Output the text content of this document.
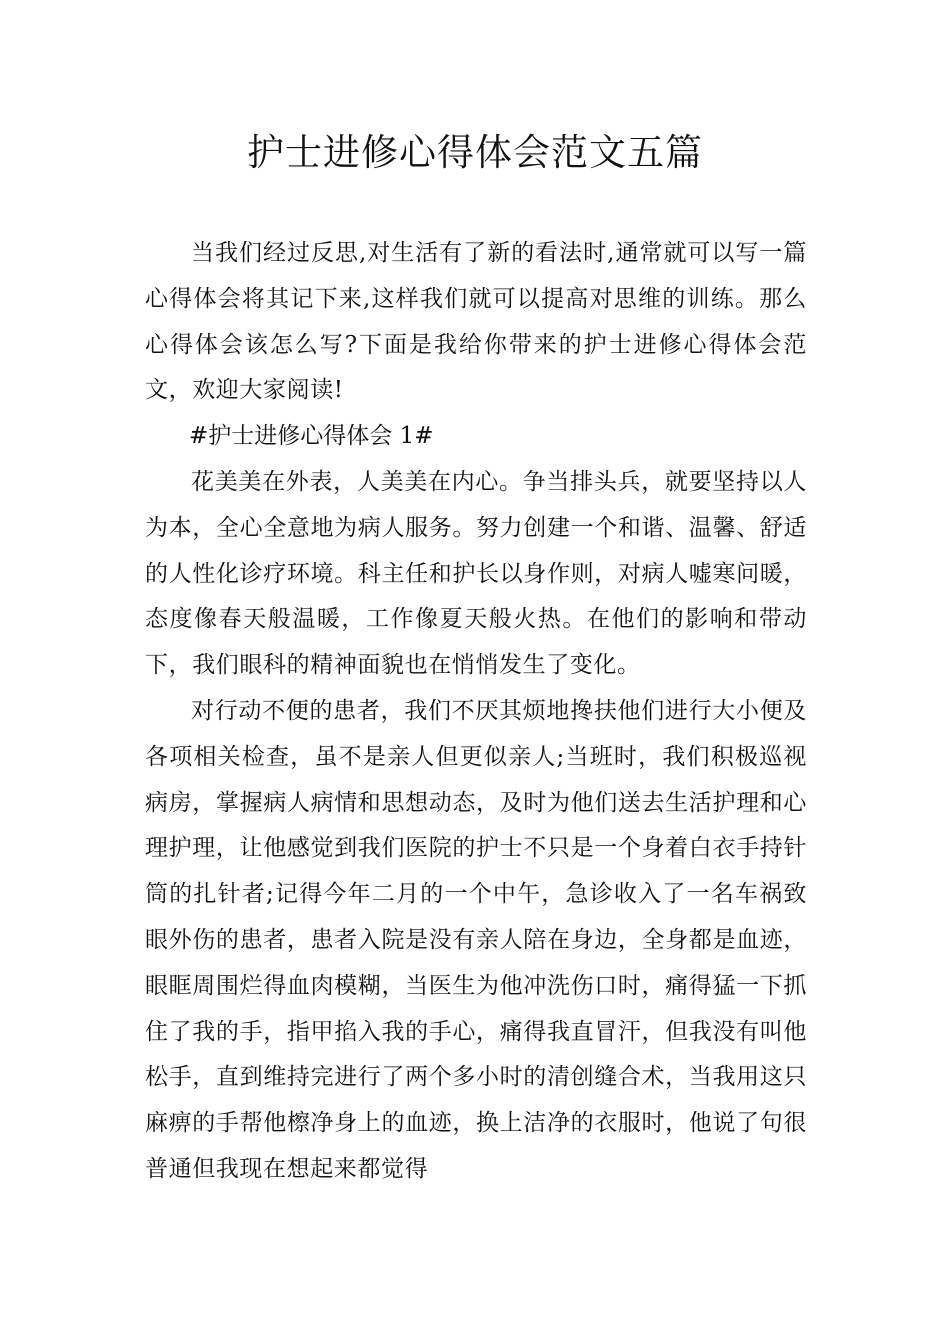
护士进修心得体会范文五篇

当我们经过反思,对生活有了新的看法时,通常就可以写一篇心得体会将其记下来,这样我们就可以提高对思维的训练。那么心得体会该怎么写?下面是我给你带来的护士进修心得体会范文，欢迎大家阅读!

#护士进修心得体会 1#

花美美在外表，人美美在内心。争当排头兵，就要坚持以人为本，全心全意地为病人服务。努力创建一个和谐、温馨、舒适的人性化诊疗环境。科主任和护长以身作则，对病人嘘寒问暖，态度像春天般温暖，工作像夏天般火热。在他们的影响和带动下，我们眼科的精神面貌也在悄悄发生了变化。

对行动不便的患者，我们不厌其烦地搀扶他们进行大小便及各项相关检查，虽不是亲人但更似亲人;当班时，我们积极巡视病房，掌握病人病情和思想动态，及时为他们送去生活护理和心理护理，让他感觉到我们医院的护士不只是一个身着白衣手持针筒的扎针者;记得今年二月的一个中午，急诊收入了一名车祸致眼外伤的患者，患者入院是没有亲人陪在身边，全身都是血迹，眼眶周围烂得血肉模糊，当医生为他冲洗伤口时，痛得猛一下抓住了我的手，指甲掐入我的手心，痛得我直冒汗，但我没有叫他松手，直到维持完进行了两个多小时的清创缝合术，当我用这只麻痹的手帮他檫净身上的血迹，换上洁净的衣服时，他说了句很普通但我现在想起来都觉得
